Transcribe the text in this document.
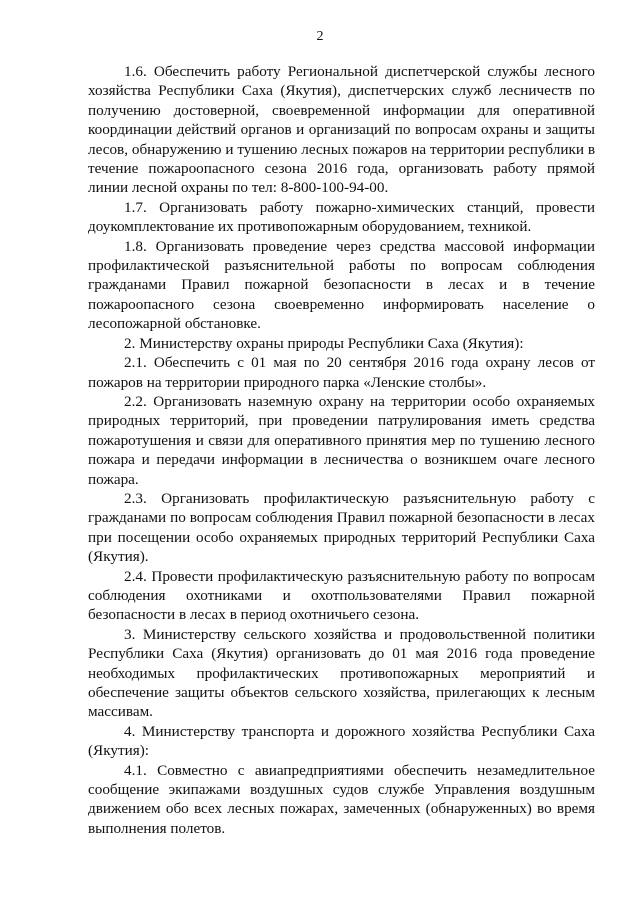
2

1.6. Обеспечить работу Региональной диспетчерской службы лесного хозяйства Республики Саха (Якутия), диспетчерских служб лесничеств по получению достоверной, своевременной информации для оперативной координации действий органов и организаций по вопросам охраны и защиты лесов, обнаружению и тушению лесных пожаров на территории республики в течение пожароопасного сезона 2016 года, организовать работу прямой линии лесной охраны по тел: 8-800-100-94-00.

1.7. Организовать работу пожарно-химических станций, провести доукомплектование их противопожарным оборудованием, техникой.

1.8. Организовать проведение через средства массовой информации профилактической разъяснительной работы по вопросам соблюдения гражданами Правил пожарной безопасности в лесах и в течение пожароопасного сезона своевременно информировать население о лесопожарной обстановке.

2. Министерству охраны природы Республики Саха (Якутия):

2.1. Обеспечить с 01 мая по 20 сентября 2016 года охрану лесов от пожаров на территории природного парка «Ленские столбы».

2.2. Организовать наземную охрану на территории особо охраняемых природных территорий, при проведении патрулирования иметь средства пожаротушения и связи для оперативного принятия мер по тушению лесного пожара и передачи информации в лесничества о возникшем очаге лесного пожара.

2.3. Организовать профилактическую разъяснительную работу с гражданами по вопросам соблюдения Правил пожарной безопасности в лесах при посещении особо охраняемых природных территорий Республики Саха (Якутия).

2.4. Провести профилактическую разъяснительную работу по вопросам соблюдения охотниками и охотпользователями Правил пожарной безопасности в лесах в период охотничьего сезона.

3. Министерству сельского хозяйства и продовольственной политики Республики Саха (Якутия) организовать до 01 мая 2016 года проведение необходимых профилактических противопожарных мероприятий и обеспечение защиты объектов сельского хозяйства, прилегающих к лесным массивам.

4. Министерству транспорта и дорожного хозяйства Республики Саха (Якутия):

4.1. Совместно с авиапредприятиями обеспечить незамедлительное сообщение экипажами воздушных судов службе Управления воздушным движением обо всех лесных пожарах, замеченных (обнаруженных) во время выполнения полетов.
